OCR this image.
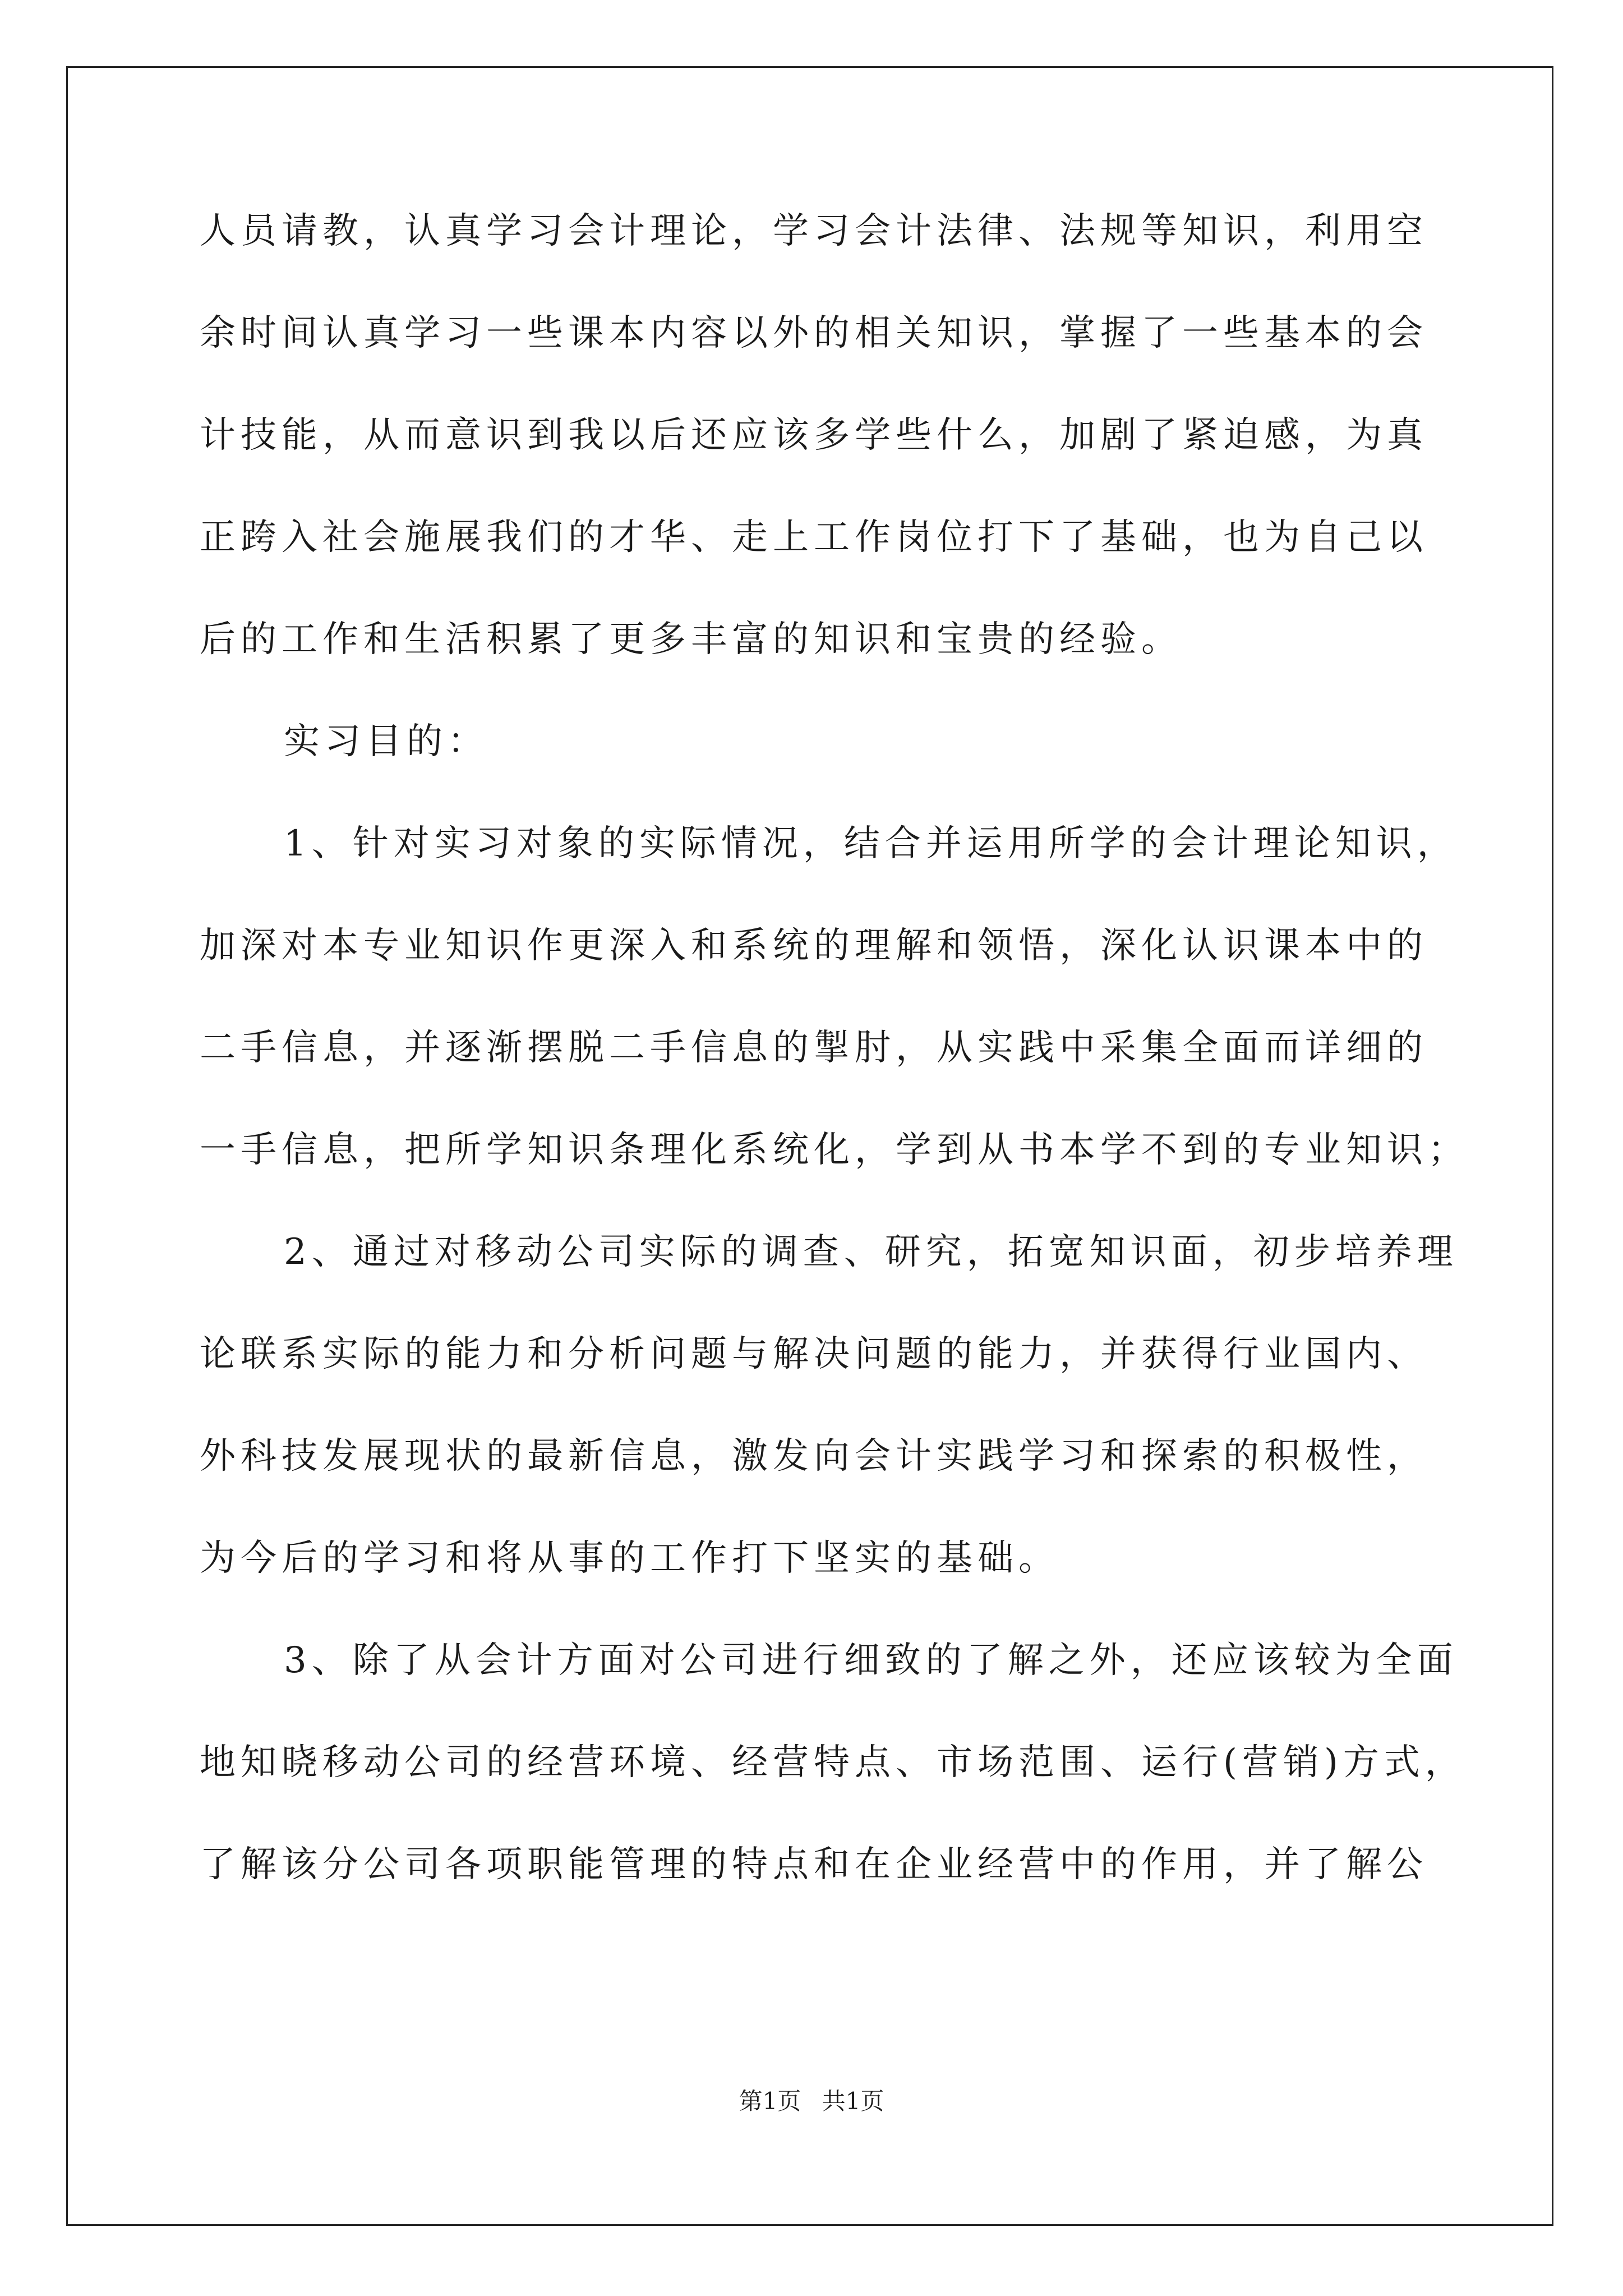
人员请教，认真学习会计理论，学习会计法律、法规等知识，利用空
余时间认真学习一些课本内容以外的相关知识，掌握了一些基本的会
计技能，从而意识到我以后还应该多学些什么，加剧了紧迫感，为真
正跨入社会施展我们的才华、走上工作岗位打下了基础，也为自己以
后的工作和生活积累了更多丰富的知识和宝贵的经验。
实习目的：
1、针对实习对象的实际情况，结合并运用所学的会计理论知识，
加深对本专业知识作更深入和系统的理解和领悟，深化认识课本中的
二手信息，并逐渐摆脱二手信息的掣肘，从实践中采集全面而详细的
一手信息，把所学知识条理化系统化，学到从书本学不到的专业知识；
2、通过对移动公司实际的调查、研究，拓宽知识面，初步培养理
论联系实际的能力和分析问题与解决问题的能力，并获得行业国内、
外科技发展现状的最新信息，激发向会计实践学习和探索的积极性，
为今后的学习和将从事的工作打下坚实的基础。
3、除了从会计方面对公司进行细致的了解之外，还应该较为全面
地知晓移动公司的经营环境、经营特点、市场范围、运行(营销)方式，
了解该分公司各项职能管理的特点和在企业经营中的作用，并了解公
第1页 共1页
